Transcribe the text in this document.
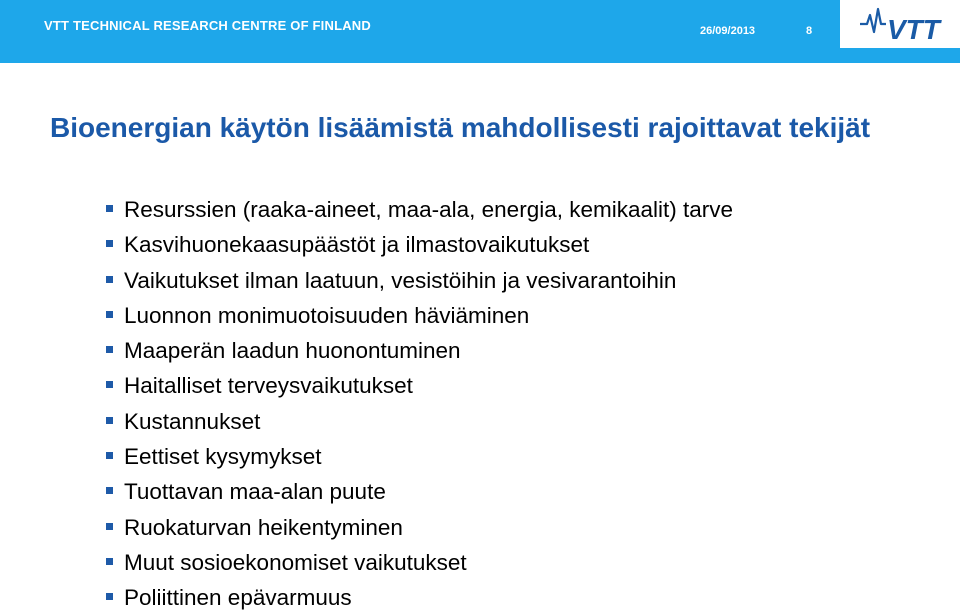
VTT TECHNICAL RESEARCH CENTRE OF FINLAND	26/09/2013	8	VTT
Bioenergian käytön lisäämistä mahdollisesti rajoittavat tekijät
Resurssien (raaka-aineet, maa-ala, energia, kemikaalit) tarve
Kasvihuonekaasupäästöt ja ilmastovaikutukset
Vaikutukset ilman laatuun, vesistöihin ja vesivarantoihin
Luonnon monimuotoisuuden häviäminen
Maaperän laadun huonontuminen
Haitalliset terveysvaikutukset
Kustannukset
Eettiset kysymykset
Tuottavan maa-alan puute
Ruokaturvan heikentyminen
Muut sosioekonomiset vaikutukset
Poliittinen epävarmuus
